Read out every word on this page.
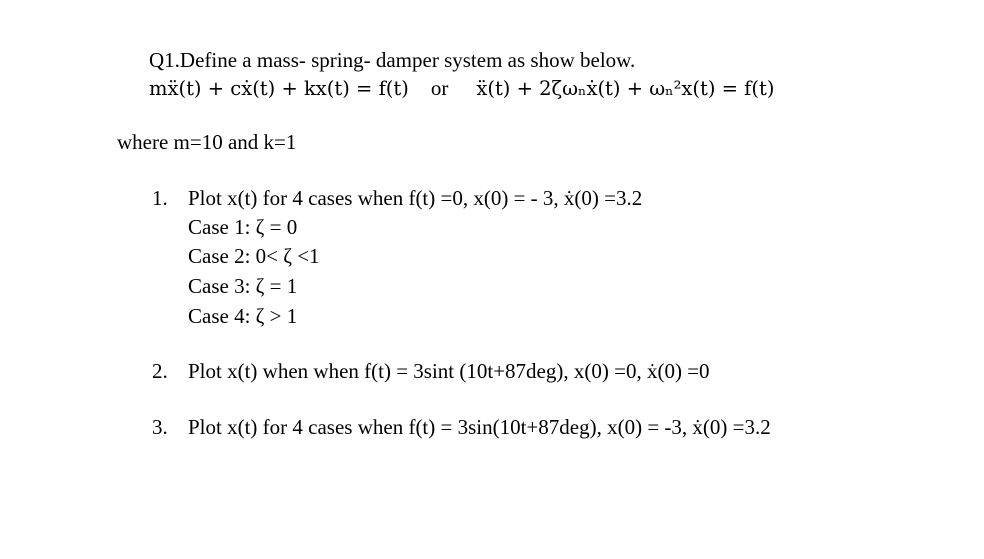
Q1.Define a mass- spring- damper system as show below.
mẍ(t) + cẋ(t) + kx(t) = f(t) or ẍ(t) + 2ζωₙẋ(t) + ωₙ²x(t) = f(t)
where m=10 and k=1
1. Plot x(t) for 4 cases when f(t) =0, x(0) = - 3, ẋ(0) =3.2
Case 1: ζ = 0
Case 2: 0< ζ <1
Case 3: ζ = 1
Case 4: ζ > 1
2. Plot x(t) when when f(t) = 3sint (10t+87deg), x(0) =0, ẋ(0) =0
3. Plot x(t) for 4 cases when f(t) = 3sin(10t+87deg), x(0) = -3, ẋ(0) =3.2
